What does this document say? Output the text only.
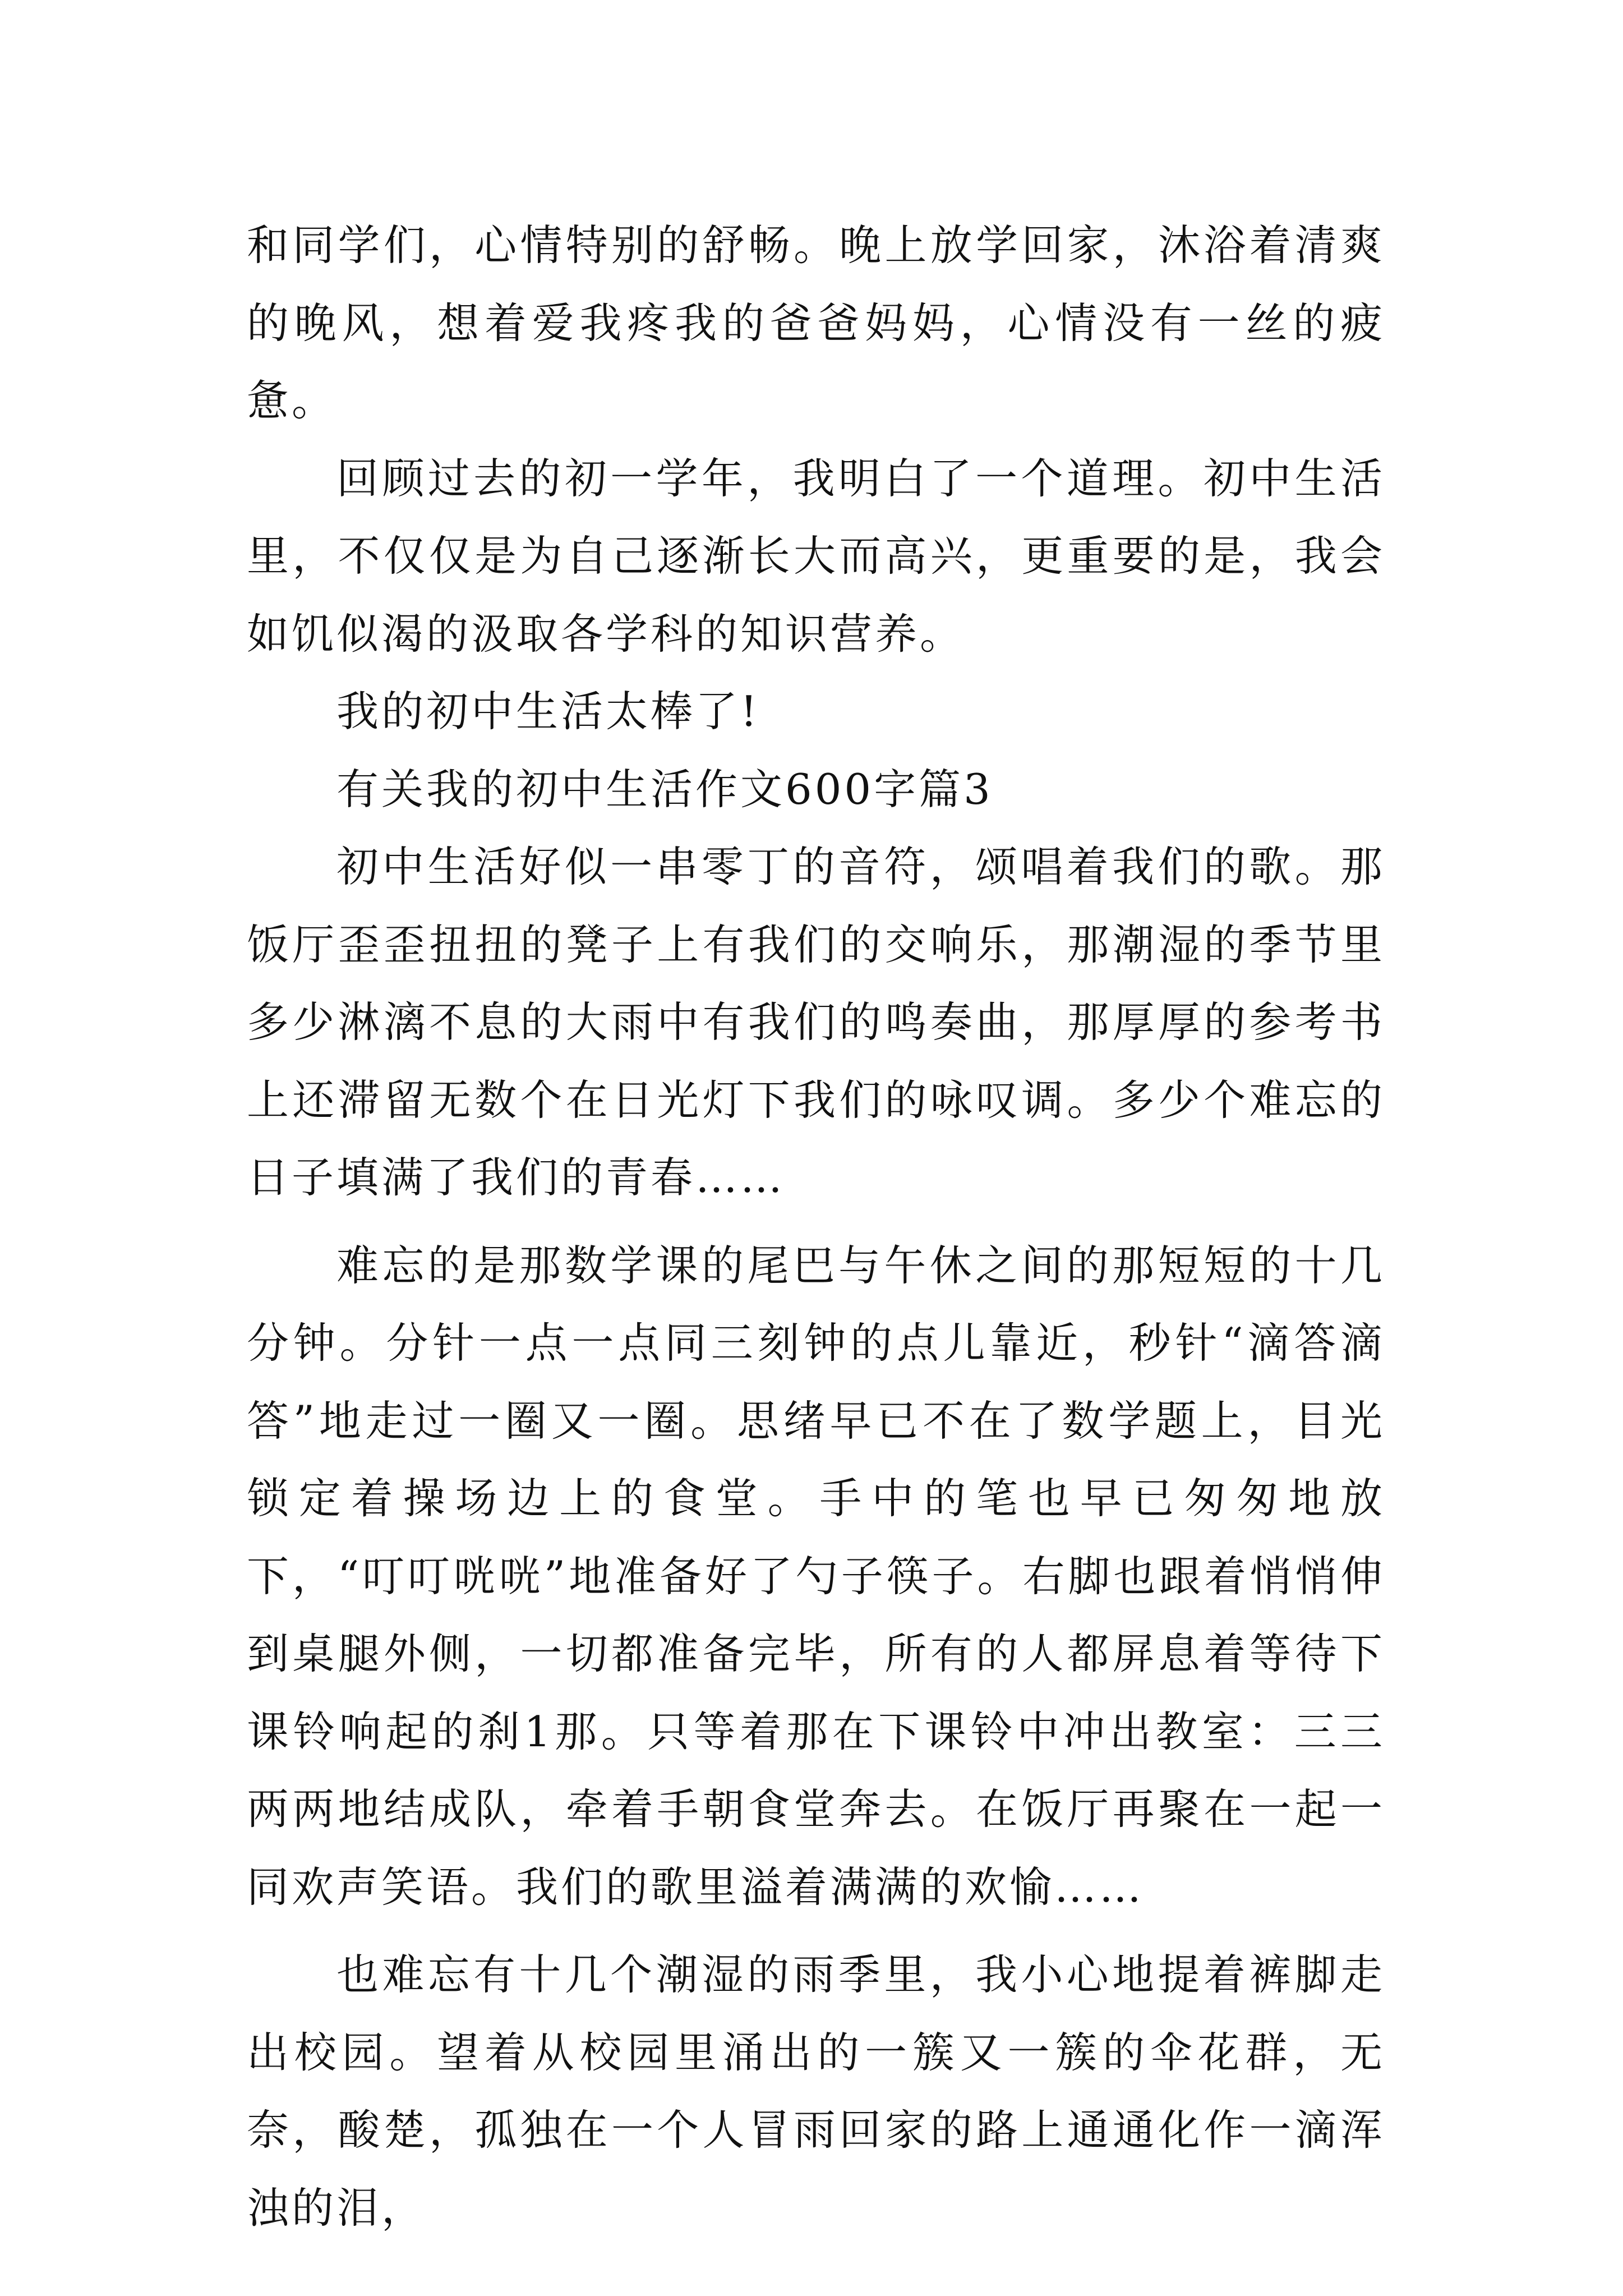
和同学们，心情特别的舒畅。晚上放学回家，沐浴着清爽的晚风，想着爱我疼我的爸爸妈妈，心情没有一丝的疲惫。

回顾过去的初一学年，我明白了一个道理。初中生活里，不仅仅是为自己逐渐长大而高兴，更重要的是，我会如饥似渴的汲取各学科的知识营养。

我的初中生活太棒了!

有关我的初中生活作文600字篇3

初中生活好似一串零丁的音符，颂唱着我们的歌。那饭厅歪歪扭扭的凳子上有我们的交响乐，那潮湿的季节里多少淋漓不息的大雨中有我们的鸣奏曲，那厚厚的参考书上还滞留无数个在日光灯下我们的咏叹调。多少个难忘的日子填满了我们的青春……

难忘的是那数学课的尾巴与午休之间的那短短的十几分钟。分针一点一点同三刻钟的点儿靠近，秒针“滴答滴答”地走过一圈又一圈。思绪早已不在了数学题上，目光锁定着操场边上的食堂。手中的笔也早已匆匆地放下，“叮叮咣咣”地准备好了勺子筷子。右脚也跟着悄悄伸到桌腿外侧，一切都准备完毕，所有的人都屏息着等待下课铃响起的刹1那。只等着那在下课铃中冲出教室：三三两两地结成队，牵着手朝食堂奔去。在饭厅再聚在一起一同欢声笑语。我们的歌里溢着满满的欢愉……

也难忘有十几个潮湿的雨季里，我小心地提着裤脚走出校园。望着从校园里涌出的一簇又一簇的伞花群，无奈，酸楚，孤独在一个人冒雨回家的路上通通化作一滴浑浊的泪，
